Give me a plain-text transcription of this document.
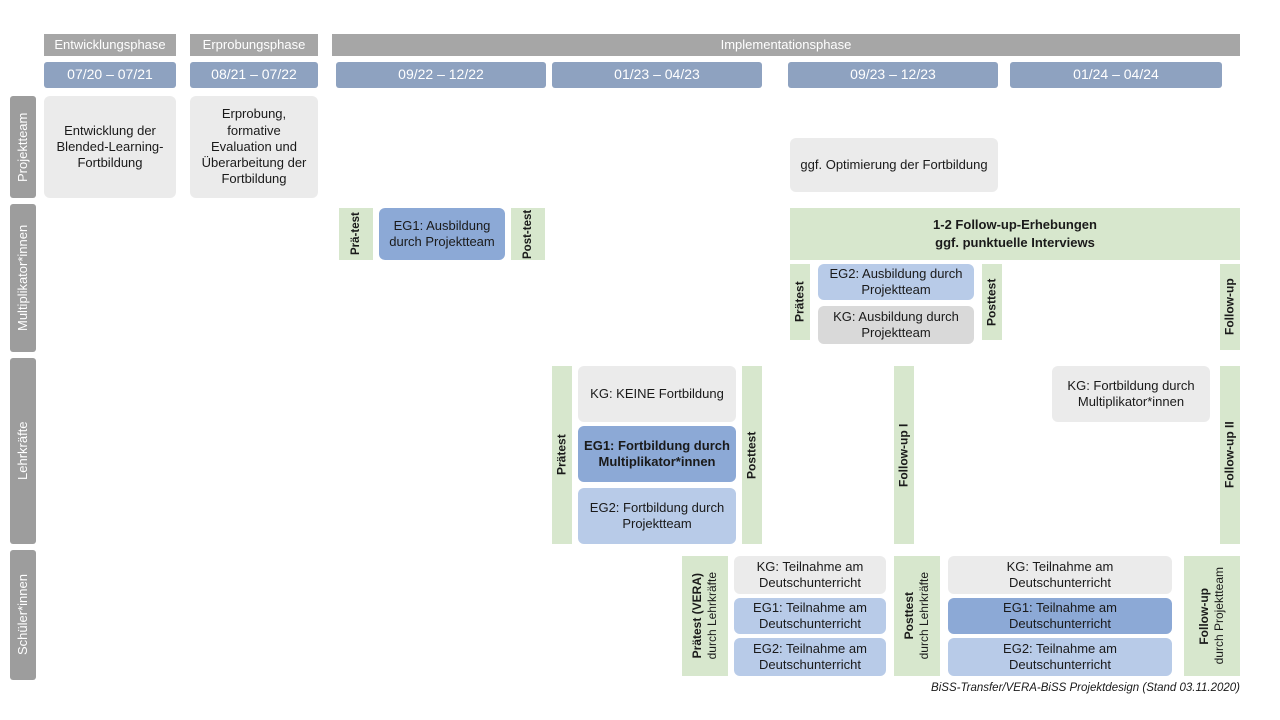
Entwicklungsphase	Erprobungsphase	Implementationsphase
07/20 – 07/21	08/21 – 07/22	09/22 – 12/22	01/23 – 04/23	09/23 – 12/23	01/24 – 04/24
Schuljahr 22/23 (8. Klasse)	Schuljahr 23/24 (9. Klasse)
Projektteam
Multiplikator*innen
Lehrkräfte
Schüler*innen
Entwicklung der Blended-Learning-Fortbildung
Erprobung, formative Evaluation und Überarbeitung der Fortbildung
ggf. Optimierung der Fortbildung
Prä-test	EG1: Ausbildung durch Projektteam	Post-test	1-2 Follow-up-Erhebungen
ggf. punktuelle Interviews
Prätest
EG2: Ausbildung durch Projektteam
KG: Ausbildung durch Projektteam
Posttest	Follow-up
Prätest
KG: KEINE Fortbildung
EG1: Fortbildung durch Multiplikator*innen
EG2: Fortbildung durch Projektteam
Posttest	Follow-up I
KG: Fortbildung durch Multiplikator*innen
Follow-up II
Prätest (VERA) durch Lehrkräfte
KG: Teilnahme am Deutschunterricht
EG1: Teilnahme am Deutschunterricht
EG2: Teilnahme am Deutschunterricht
Posttest durch Lehrkräfte
KG: Teilnahme am Deutschunterricht
EG1: Teilnahme am Deutschunterricht
EG2: Teilnahme am Deutschunterricht
Follow-up durch Projektteam
BiSS-Transfer/VERA-BiSS Projektdesign (Stand 03.11.2020)
